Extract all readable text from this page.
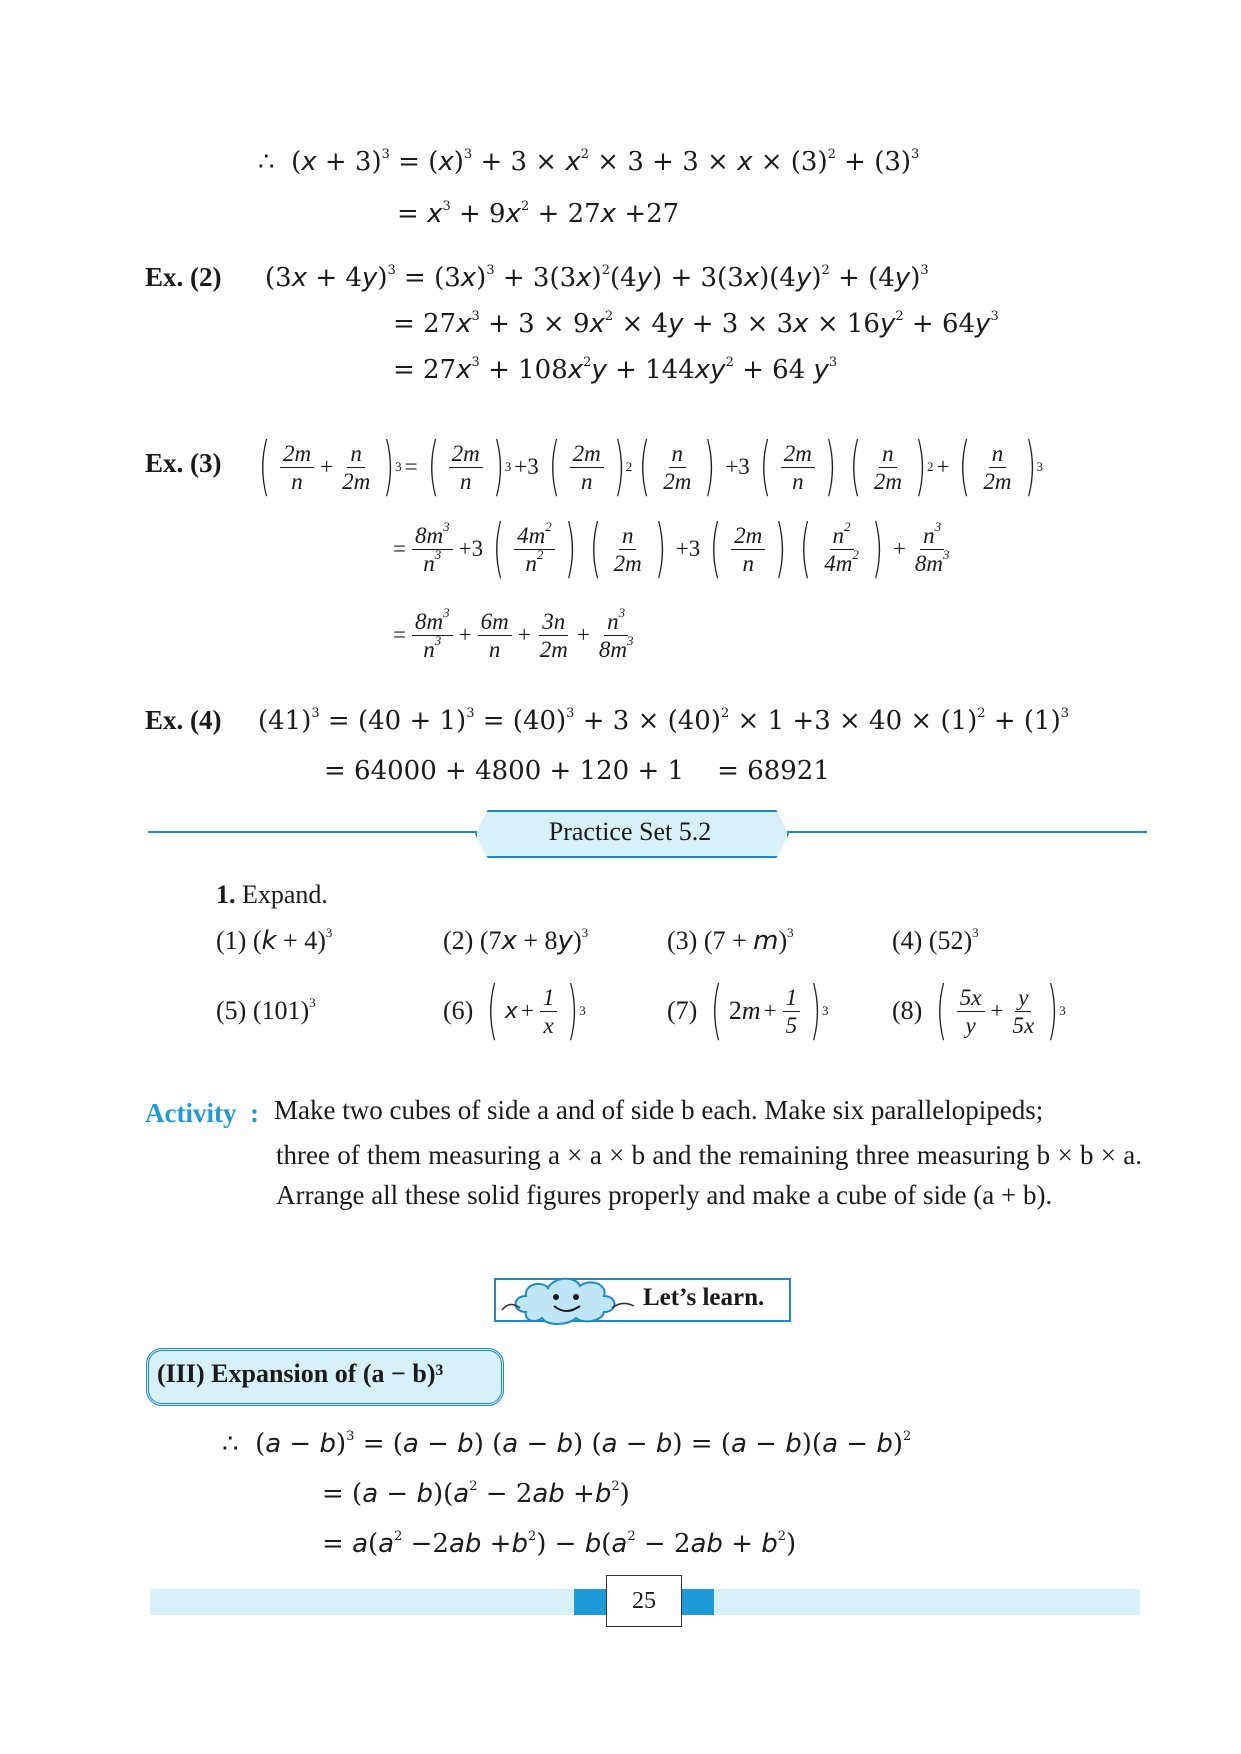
∴  $(x + 3)^3 = (x)^3 + 3 \times x^2 \times 3 + 3 \times x \times (3)^2 + (3)^3$
= $x^3 + 9x^2 + 27x +27$
Ex. (2) $(3x + 4y)^3 = (3x)^3 + 3(3x)^2(4y) + 3(3x)(4y)^2 + (4y)^3$
= $27x^3 + 3 \times 9x^2 \times 4y + 3 \times 3x \times 16y^2 + 64y^3$
= $27x^3 + 108x^2y + 144xy^2 + 64$ $y^3$
Ex. (3) ( $\frac{2m}{n} + \frac{n}{2m}$ ) 3 = ( $\frac{2m}{n}$ ) 3 +3 ( $\frac{2m}{n}$ ) 2 ( $\frac{n}{2m}$ ) +3 ( $\frac{2m}{n}$ ) ( $\frac{n}{2m}$ ) 2 + ( $\frac{n}{2m}$ ) 3
= $\frac{8m^3}{n^3} +3$ ( $\frac{4m^2}{n^2}$ ) ( $\frac{n}{2m}$ ) +3 ( $\frac{2m}{n}$ ) ( $\frac{n^2}{4m^2}$ ) + $\frac{n^3}{8m^3}$
= $\frac{8m^3}{n^3} + \frac{6m}{n} + \frac{3n}{2m} + \frac{n^3}{8m^3}$
Ex. (4) $(41)^3 = (40 + 1)^3 = (40)^3 + 3 \times (40)^2 \times 1 +3 \times 40 \times (1)^2 + (1)^3$
= 64000 + 4800 + 120 + 1    = 68921
Practice Set 5.2
1. Expand.
(1) $(k + 4)^3$	(2) $(7x + 8y)^3$	(3) $(7 + m)^3$	(4) $(52)^3$
(5) $(101)^3$	(6) ( $x + \frac{1}{x}$ ) 3	(7) ( 2 $m + \frac{1}{5}$ ) 3 (8) ( $\frac{5x}{y} + \frac{y}{5x}$ ) 3
Activity : Make two cubes of side a and of side b each. Make six parallelopipeds;
three of them measuring a × a × b and the remaining three measuring b × b × a. Arrange all these solid figures properly and make a cube of side (a + b).
Let’s learn.
(III) Expansion of (a − b)³
∴  $(a - b)^3 = (a - b)$ (a − b) $(a - b) = (a - b)(a - b)^2$
= $(a - b)(a^2 - 2ab +b^2)$
= $a(a^2 -2ab +b^2) - b(a^2 - 2ab + b^2)$
25
